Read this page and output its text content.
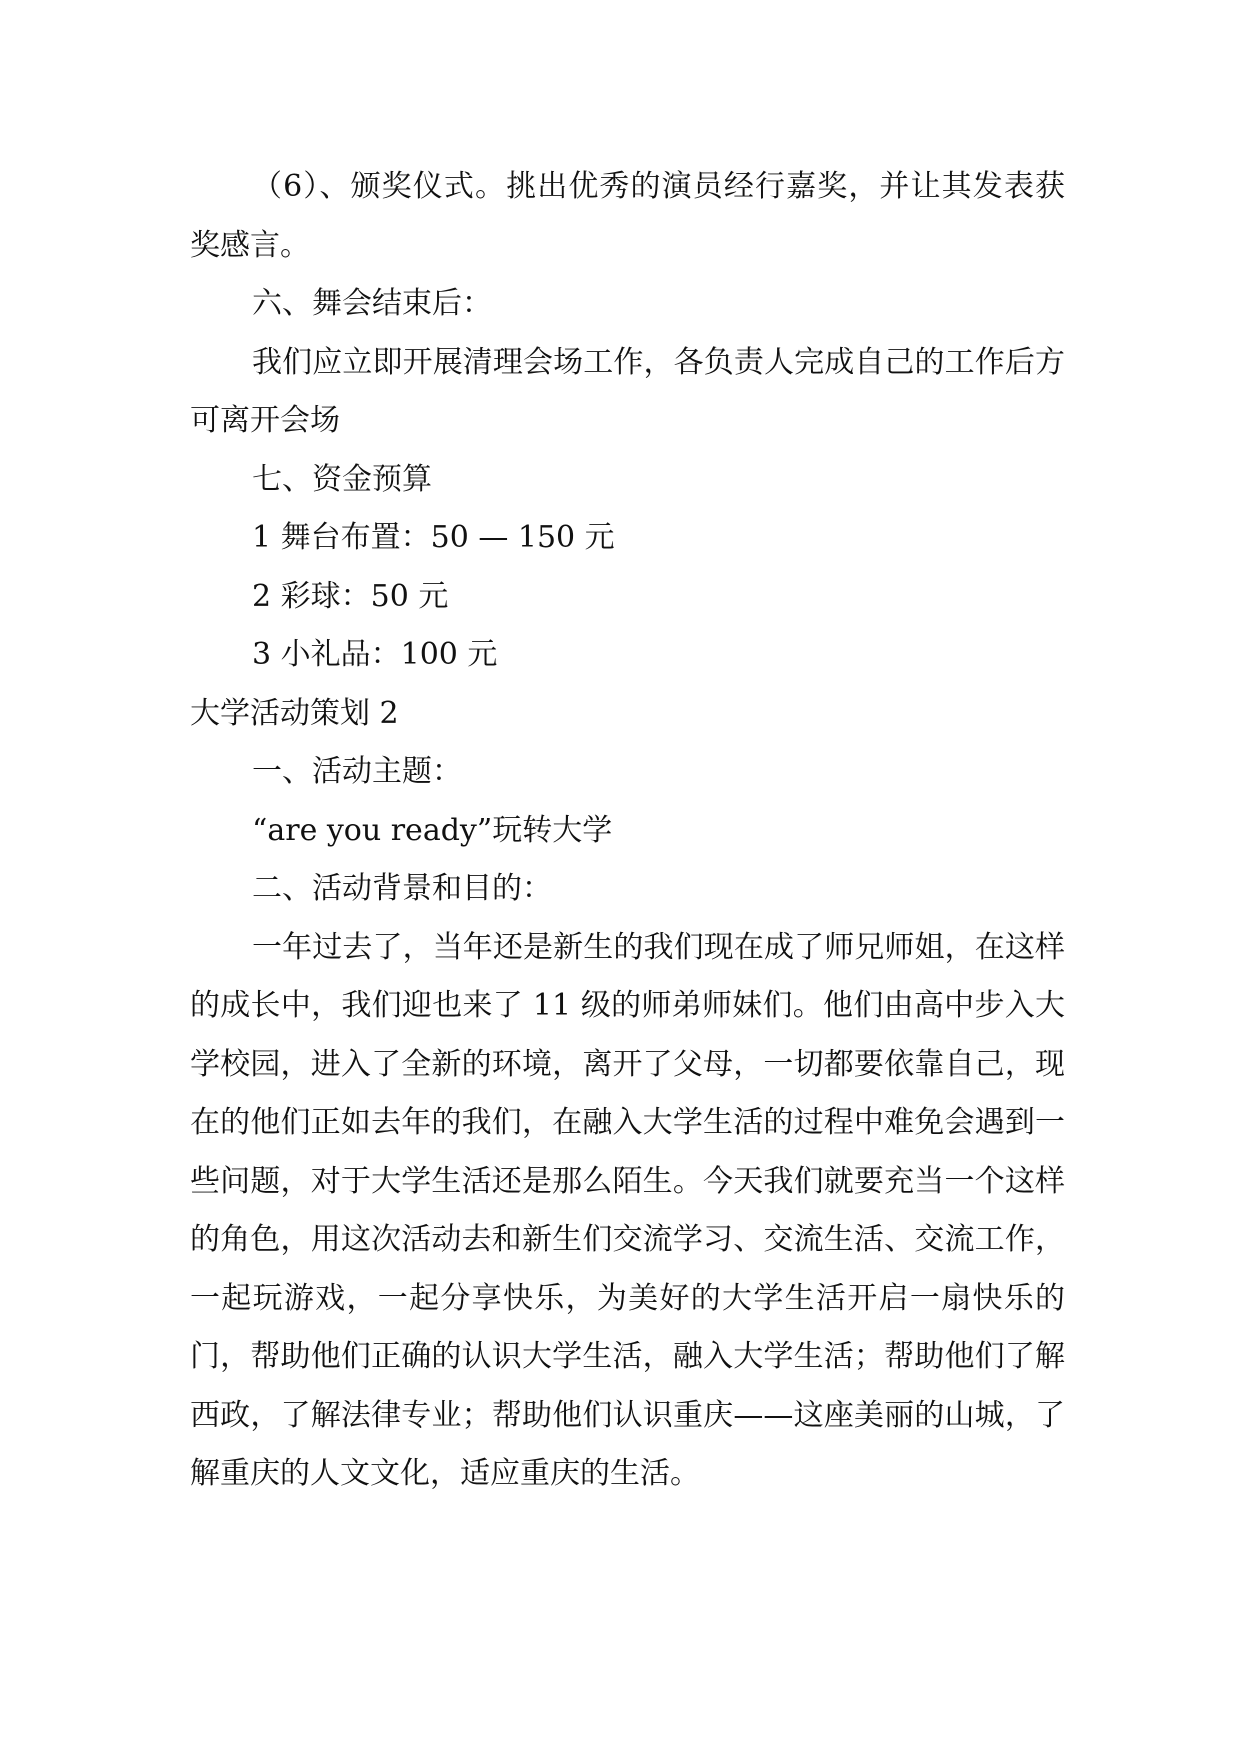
（6）、颁奖仪式。挑出优秀的演员经行嘉奖，并让其发表获奖感言。

六、舞会结束后：

我们应立即开展清理会场工作，各负责人完成自己的工作后方可离开会场

七、资金预算

1 舞台布置：50 — 150 元

2 彩球：50 元

3 小礼品：100 元

大学活动策划 2

一、活动主题：

“are you ready”玩转大学

二、活动背景和目的：

一年过去了，当年还是新生的我们现在成了师兄师姐，在这样的成长中，我们迎也来了 11 级的师弟师妹们。他们由高中步入大学校园，进入了全新的环境，离开了父母，一切都要依靠自己，现在的他们正如去年的我们，在融入大学生活的过程中难免会遇到一些问题，对于大学生活还是那么陌生。今天我们就要充当一个这样的角色，用这次活动去和新生们交流学习、交流生活、交流工作，一起玩游戏，一起分享快乐，为美好的大学生活开启一扇快乐的门，帮助他们正确的认识大学生活，融入大学生活；帮助他们了解西政，了解法律专业；帮助他们认识重庆——这座美丽的山城，了解重庆的人文文化，适应重庆的生活。
